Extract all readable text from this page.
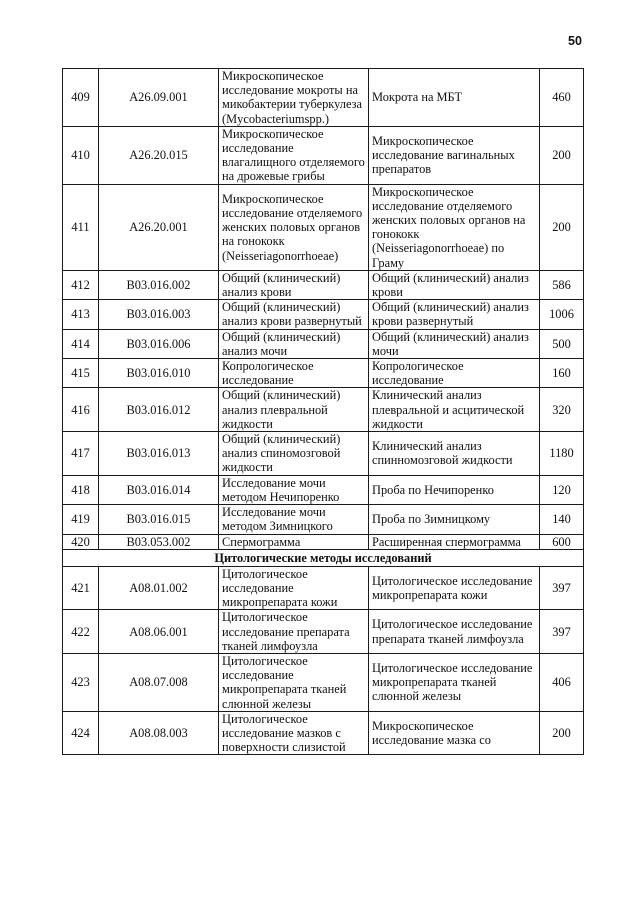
50
409	A26.09.001	Микроскопическое исследование мокроты на микобактерии туберкулеза (Mycobacteriumspp.)	Мокрота на МБТ	460
410	A26.20.015	Микроскопическое исследование влагалищного отделяемого на дрожевые грибы	Микроскопическое исследование вагинальных препаратов	200
411	A26.20.001	Микроскопическое исследование отделяемого женских половых органов на гонококк (Neisseriagonorrhoeae)	Микроскопическое исследование отделяемого женских половых органов на гонококк (Neisseriagonorrhoeae) по Граму	200
412	B03.016.002	Общий (клинический) анализ крови	Общий (клинический) анализ крови	586
413	B03.016.003	Общий (клинический) анализ крови развернутый	Общий (клинический) анализ крови развернутый	1006
414	B03.016.006	Общий (клинический) анализ мочи	Общий (клинический) анализ мочи	500
415	B03.016.010	Копрологическое исследование	Копрологическое исследование	160
416	B03.016.012	Общий (клинический) анализ плевральной жидкости	Клинический анализ плевральной и асцитической жидкости	320
417	B03.016.013	Общий (клинический) анализ спиномозговой жидкости	Клинический анализ спинномозговой жидкости	1180
418	B03.016.014	Исследование мочи методом Нечипоренко	Проба по Нечипоренко	120
419	B03.016.015	Исследование мочи методом Зимницкого	Проба по Зимницкому	140
420	B03.053.002	Спермограмма	Расширенная спермограмма	600
Цитологические методы исследований				
421	A08.01.002	Цитологическое исследование микропрепарата кожи	Цитологическое исследование микропрепарата кожи	397
422	A08.06.001	Цитологическое исследование препарата тканей лимфоузла	Цитологическое исследование препарата тканей лимфоузла	397
423	A08.07.008	Цитологическое исследование микропрепарата тканей слюнной железы	Цитологическое исследование микропрепарата тканей слюнной железы	406
424	A08.08.003	Цитологическое исследование мазков с поверхности слизистой	Микроскопическое исследование мазка со	200
